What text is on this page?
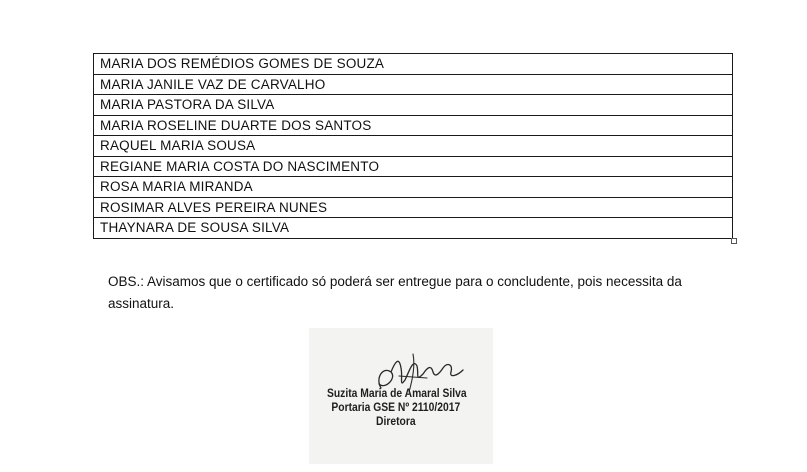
MARIA DOS REMÉDIOS GOMES DE SOUZA
MARIA JANILE VAZ DE CARVALHO
MARIA PASTORA DA SILVA
MARIA ROSELINE DUARTE DOS SANTOS
RAQUEL MARIA SOUSA
REGIANE MARIA COSTA DO NASCIMENTO
ROSA MARIA MIRANDA
ROSIMAR ALVES PEREIRA NUNES
THAYNARA DE SOUSA SILVA

OBS.: Avisamos que o certificado só poderá ser entregue para o concludente, pois necessita da assinatura.

Suzita Maria de Amaral Silva
Portaria GSE Nº 2110/2017
Diretora
